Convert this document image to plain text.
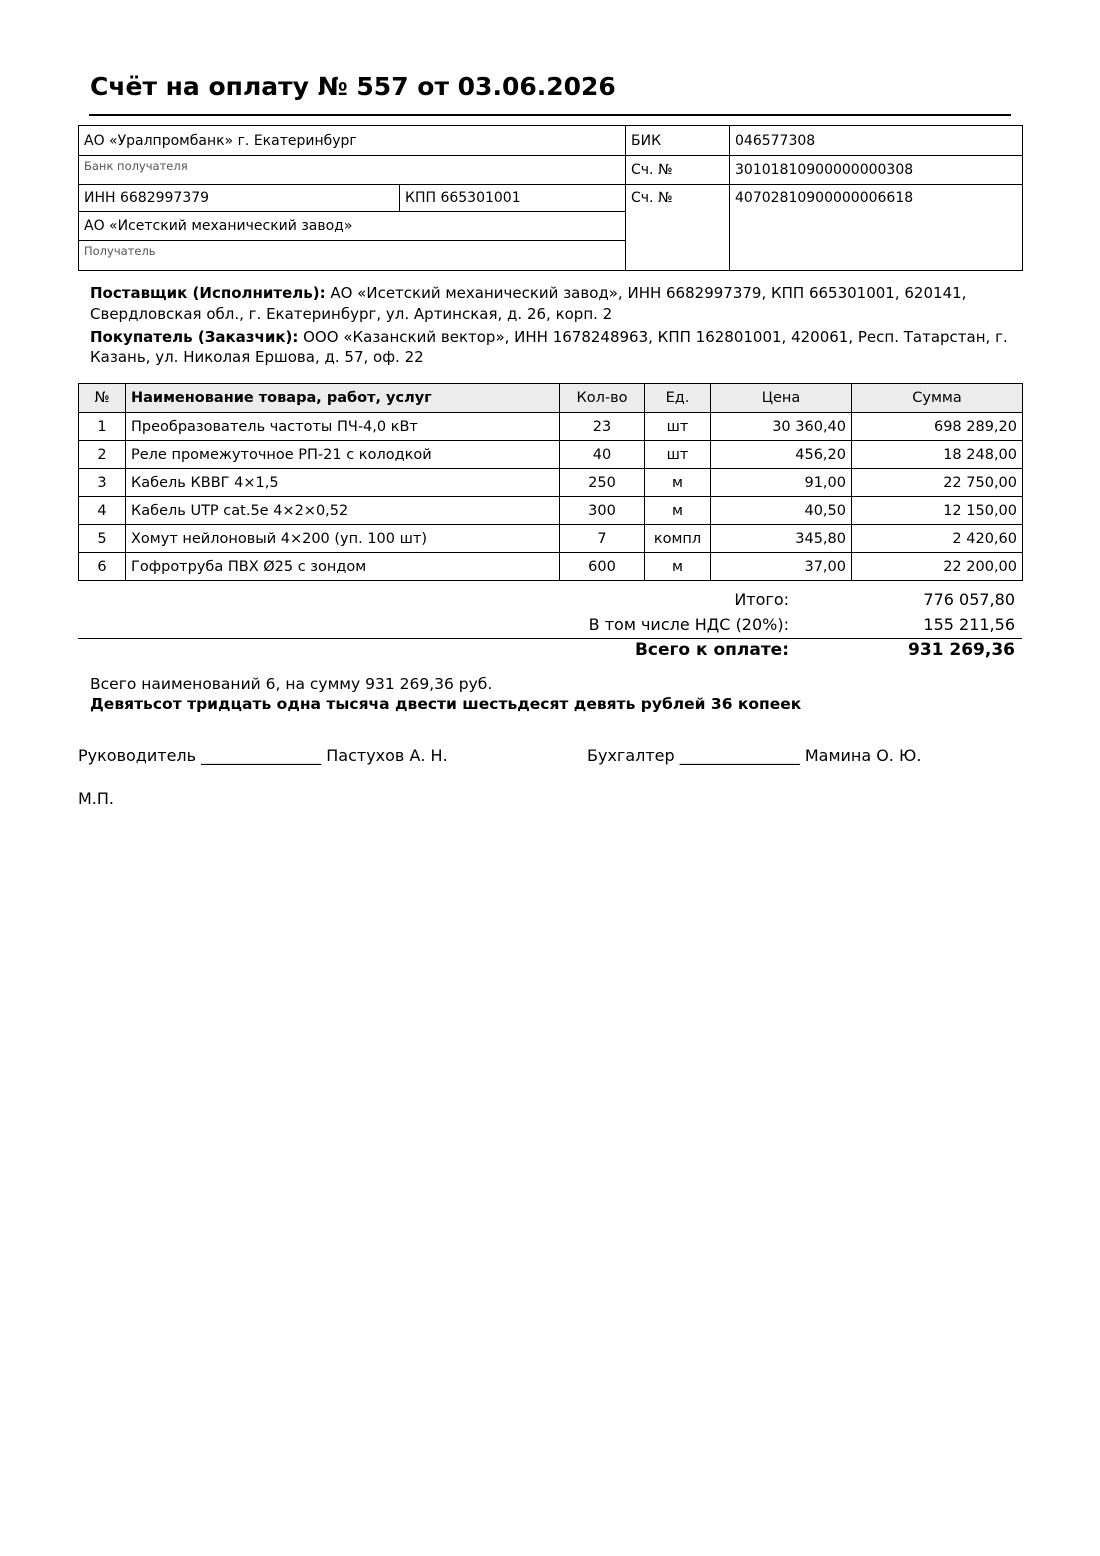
Счёт на оплату № 557 от 03.06.2026
АО «Уралпромбанк» г. Екатеринбург		БИК	046577308
Банк получателя		Сч. №	30101810900000000308
ИНН 6682997379	КПП 665301001	Сч. №	40702810900000006618
АО «Исетский механический завод»			
Получатель			

Поставщик (Исполнитель): АО «Исетский механический завод», ИНН 6682997379, КПП 665301001, 620141, Свердловская обл., г. Екатеринбург, ул. Артинская, д. 26, корп. 2

Покупатель (Заказчик): ООО «Казанский вектор», ИНН 1678248963, КПП 162801001, 420061, Респ. Татарстан, г. Казань, ул. Николая Ершова, д. 57, оф. 22

№	Наименование товара, работ, услуг	Кол-во	Ед.	Цена	Сумма
1	Преобразователь частоты ПЧ-4,0 кВт	23	шт	30 360,40	698 289,20
2	Реле промежуточное РП-21 с колодкой	40	шт	456,20	18 248,00
3	Кабель КВВГ 4×1,5	250	м	91,00	22 750,00
4	Кабель UTP cat.5e 4×2×0,52	300	м	40,50	12 150,00
5	Хомут нейлоновый 4×200 (уп. 100 шт)	7	компл	345,80	2 420,60
6	Гофротруба ПВХ Ø25 с зондом	600	м	37,00	22 200,00
Итого:	776 057,80
В том числе НДС (20%):	155 211,56
Всего к оплате:	931 269,36
Всего наименований 6, на сумму 931 269,36 руб.
Девятьсот тридцать одна тысяча двести шестьдесят девять рублей 36 копеек
Руководитель _______________ Пастухов А. Н.	Бухгалтер _______________ Мамина О. Ю.
М.П.
